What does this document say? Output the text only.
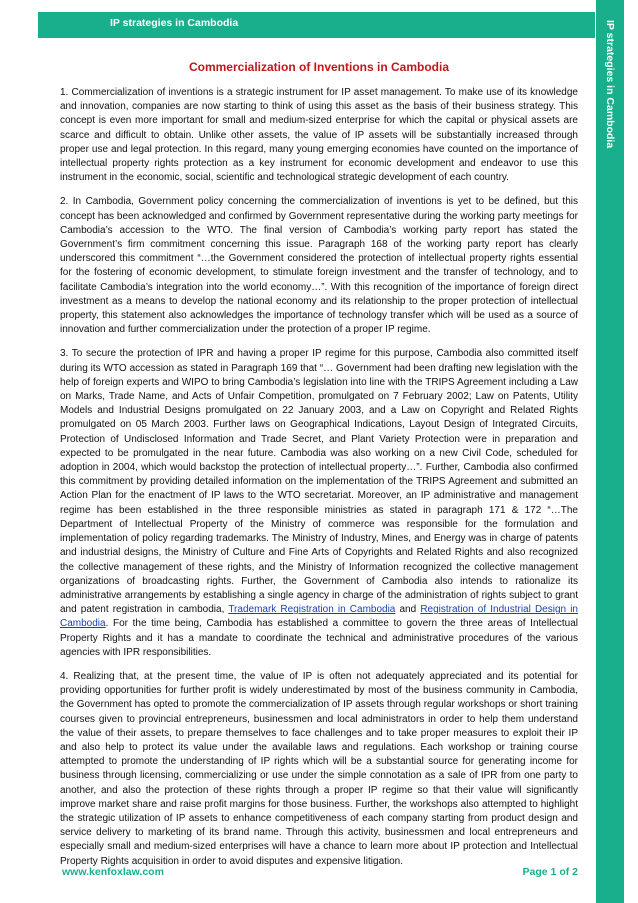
IP strategies in Cambodia	IP strategies in Cambodia
Commercialization of Inventions in Cambodia

1. Commercialization of inventions is a strategic instrument for IP asset management. To make use of its knowledge and innovation, companies are now starting to think of using this asset as the basis of their business strategy. This concept is even more important for small and medium-sized enterprise for which the capital or physical assets are scarce and difficult to obtain. Unlike other assets, the value of IP assets will be substantially increased through proper use and legal protection. In this regard, many young emerging economies have counted on the importance of intellectual property rights protection as a key instrument for economic development and endeavor to use this instrument in the economic, social, scientific and technological strategic development of each country.

2. In Cambodia, Government policy concerning the commercialization of inventions is yet to be defined, but this concept has been acknowledged and confirmed by Government representative during the working party meetings for Cambodia’s accession to the WTO. The final version of Cambodia’s working party report has stated the Government’s firm commitment concerning this issue. Paragraph 168 of the working party report has clearly underscored this commitment “…the Government considered the protection of intellectual property rights essential for the fostering of economic development, to stimulate foreign investment and the transfer of technology, and to facilitate Cambodia’s integration into the world economy…”. With this recognition of the importance of foreign direct investment as a means to develop the national economy and its relationship to the proper protection of intellectual property, this statement also acknowledges the importance of technology transfer which will be used as a source of innovation and further commercialization under the protection of a proper IP regime.

3. To secure the protection of IPR and having a proper IP regime for this purpose, Cambodia also committed itself during its WTO accession as stated in Paragraph 169 that “… Government had been drafting new legislation with the help of foreign experts and WIPO to bring Cambodia’s legislation into line with the TRIPS Agreement including a Law on Marks, Trade Name, and Acts of Unfair Competition, promulgated on 7 February 2002; Law on Patents, Utility Models and Industrial Designs promulgated on 22 January 2003, and a Law on Copyright and Related Rights promulgated on 05 March 2003. Further laws on Geographical Indications, Layout Design of Integrated Circuits, Protection of Undisclosed Information and Trade Secret, and Plant Variety Protection were in preparation and expected to be promulgated in the near future. Cambodia was also working on a new Civil Code, scheduled for adoption in 2004, which would backstop the protection of intellectual property…”. Further, Cambodia also confirmed this commitment by providing detailed information on the implementation of the TRIPS Agreement and submitted an Action Plan for the enactment of IP laws to the WTO secretariat. Moreover, an IP administrative and management regime has been established in the three responsible ministries as stated in paragraph 171 & 172 “…The Department of Intellectual Property of the Ministry of commerce was responsible for the formulation and implementation of policy regarding trademarks. The Ministry of Industry, Mines, and Energy was in charge of patents and industrial designs, the Ministry of Culture and Fine Arts of Copyrights and Related Rights and also recognized the collective management of these rights, and the Ministry of Information recognized the collective management organizations of broadcasting rights. Further, the Government of Cambodia also intends to rationalize its administrative arrangements by establishing a single agency in charge of the administration of rights subject to grant and patent registration in cambodia, Trademark Registration in Cambodia and Registration of Industrial Design in Cambodia. For the time being, Cambodia has established a committee to govern the three areas of Intellectual Property Rights and it has a mandate to coordinate the technical and administrative procedures of the various agencies with IPR responsibilities.

4. Realizing that, at the present time, the value of IP is often not adequately appreciated and its potential for providing opportunities for further profit is widely underestimated by most of the business community in Cambodia, the Government has opted to promote the commercialization of IP assets through regular workshops or short training courses given to provincial entrepreneurs, businessmen and local administrators in order to help them understand the value of their assets, to prepare themselves to face challenges and to take proper measures to exploit their IP and also help to protect its value under the available laws and regulations. Each workshop or training course attempted to promote the understanding of IP rights which will be a substantial source for generating income for business through licensing, commercializing or use under the simple connotation as a sale of IPR from one party to another, and also the protection of these rights through a proper IP regime so that their value will significantly improve market share and raise profit margins for those business. Further, the workshops also attempted to highlight the strategic utilization of IP assets to enhance competitiveness of each company starting from product design and service delivery to marketing of its brand name. Through this activity, businessmen and local entrepreneurs and especially small and medium-sized enterprises will have a chance to learn more about IP protection and Intellectual Property Rights acquisition in order to avoid disputes and expensive litigation.

www.kenfoxlaw.com	Page 1 of 2
